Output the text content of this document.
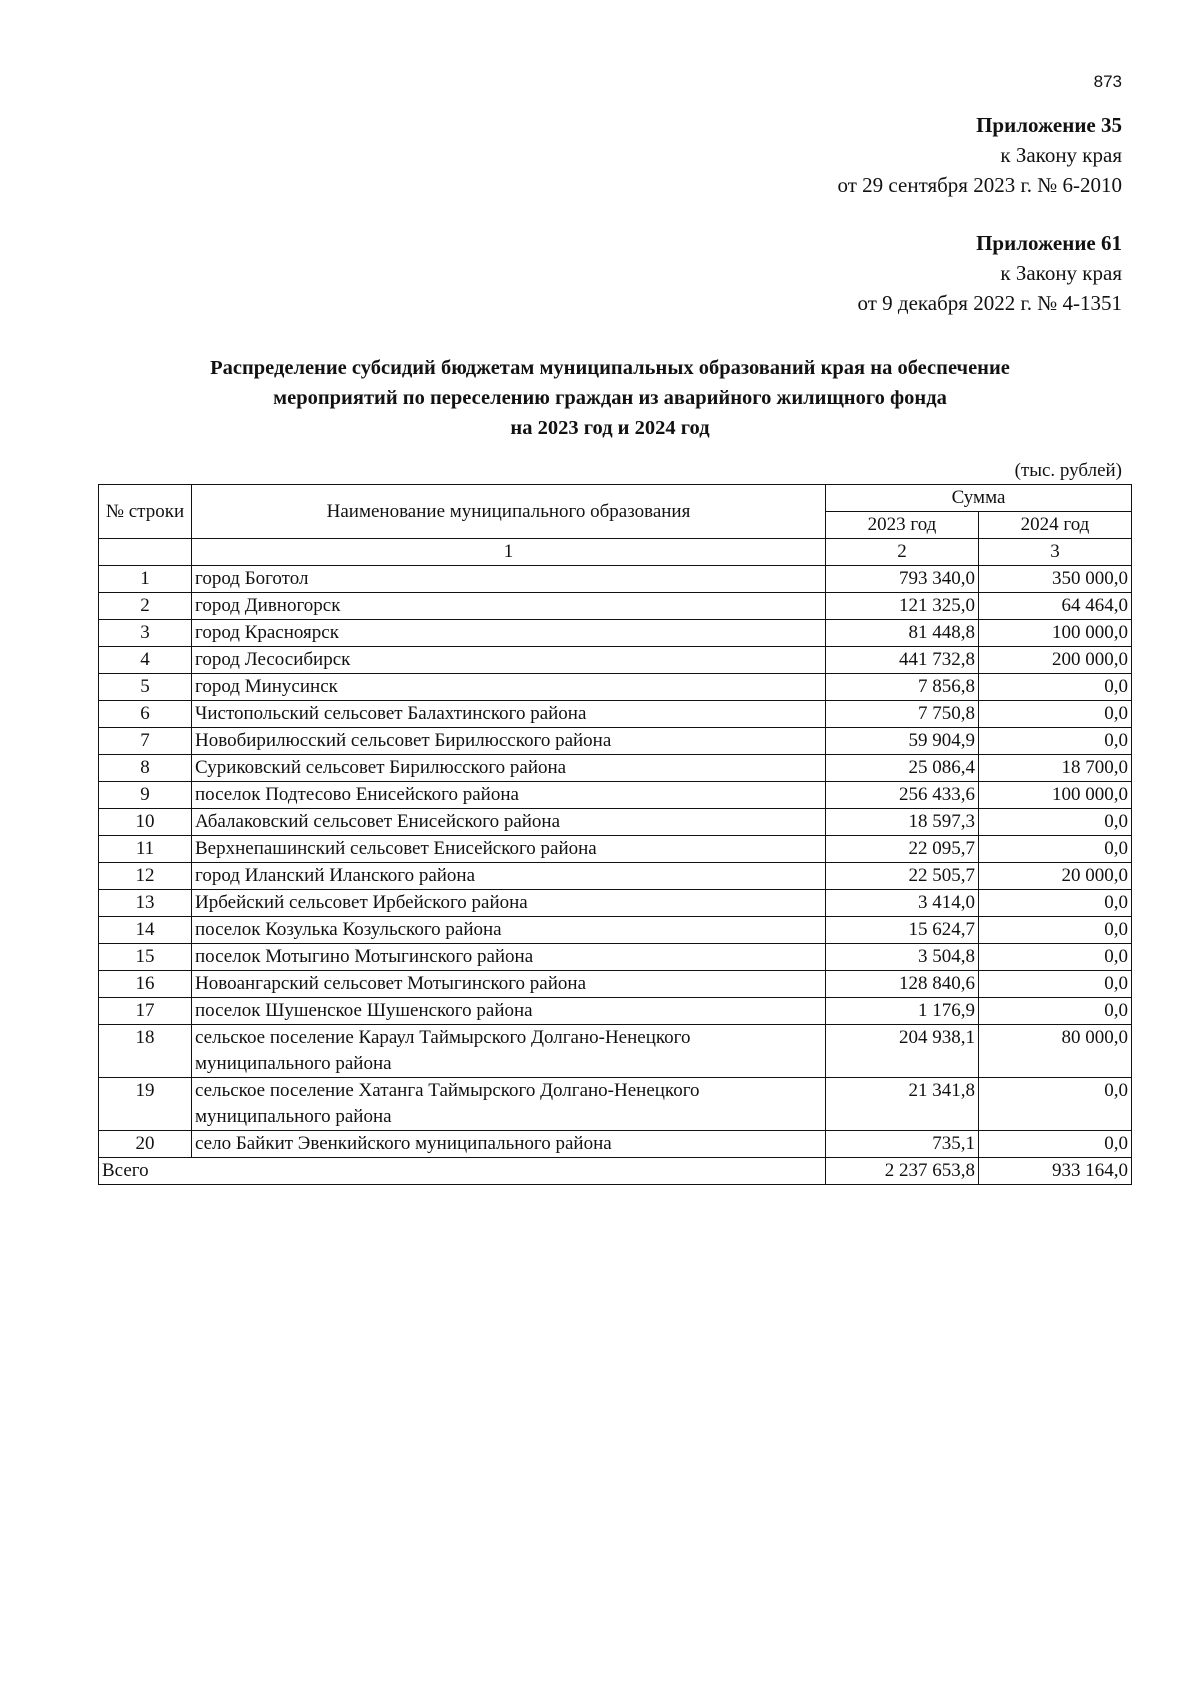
873
Приложение 35
к Закону края
от 29 сентября 2023 г. № 6-2010
Приложение 61
к Закону края
от 9 декабря 2022 г. № 4-1351
Распределение субсидий бюджетам муниципальных образований края на обеспечение
мероприятий по переселению граждан из аварийного жилищного фонда
на 2023 год и 2024 год
(тыс. рублей)
№ строки	Наименование муниципального образования	Сумма	
		2023 год	2024 год
	1	2	3
1	город Боготол	793 340,0	350 000,0
2	город Дивногорск	121 325,0	64 464,0
3	город Красноярск	81 448,8	100 000,0
4	город Лесосибирск	441 732,8	200 000,0
5	город Минусинск	7 856,8	0,0
6	Чистопольский сельсовет Балахтинского района	7 750,8	0,0
7	Новобирилюсский сельсовет Бирилюсского района	59 904,9	0,0
8	Суриковский сельсовет Бирилюсского района	25 086,4	18 700,0
9	поселок Подтесово Енисейского района	256 433,6	100 000,0
10	Абалаковский сельсовет Енисейского района	18 597,3	0,0
11	Верхнепашинский сельсовет Енисейского района	22 095,7	0,0
12	город Иланский Иланского района	22 505,7	20 000,0
13	Ирбейский сельсовет Ирбейского района	3 414,0	0,0
14	поселок Козулька Козульского района	15 624,7	0,0
15	поселок Мотыгино Мотыгинского района	3 504,8	0,0
16	Новоангарский сельсовет Мотыгинского района	128 840,6	0,0
17	поселок Шушенское Шушенского района	1 176,9	0,0
18	сельское поселение Караул Таймырского Долгано-Ненецкого муниципального района	204 938,1	80 000,0
19	сельское поселение Хатанга Таймырского Долгано-Ненецкого муниципального района	21 341,8	0,0
20	село Байкит Эвенкийского муниципального района	735,1	0,0
Всего		2 237 653,8	933 164,0
